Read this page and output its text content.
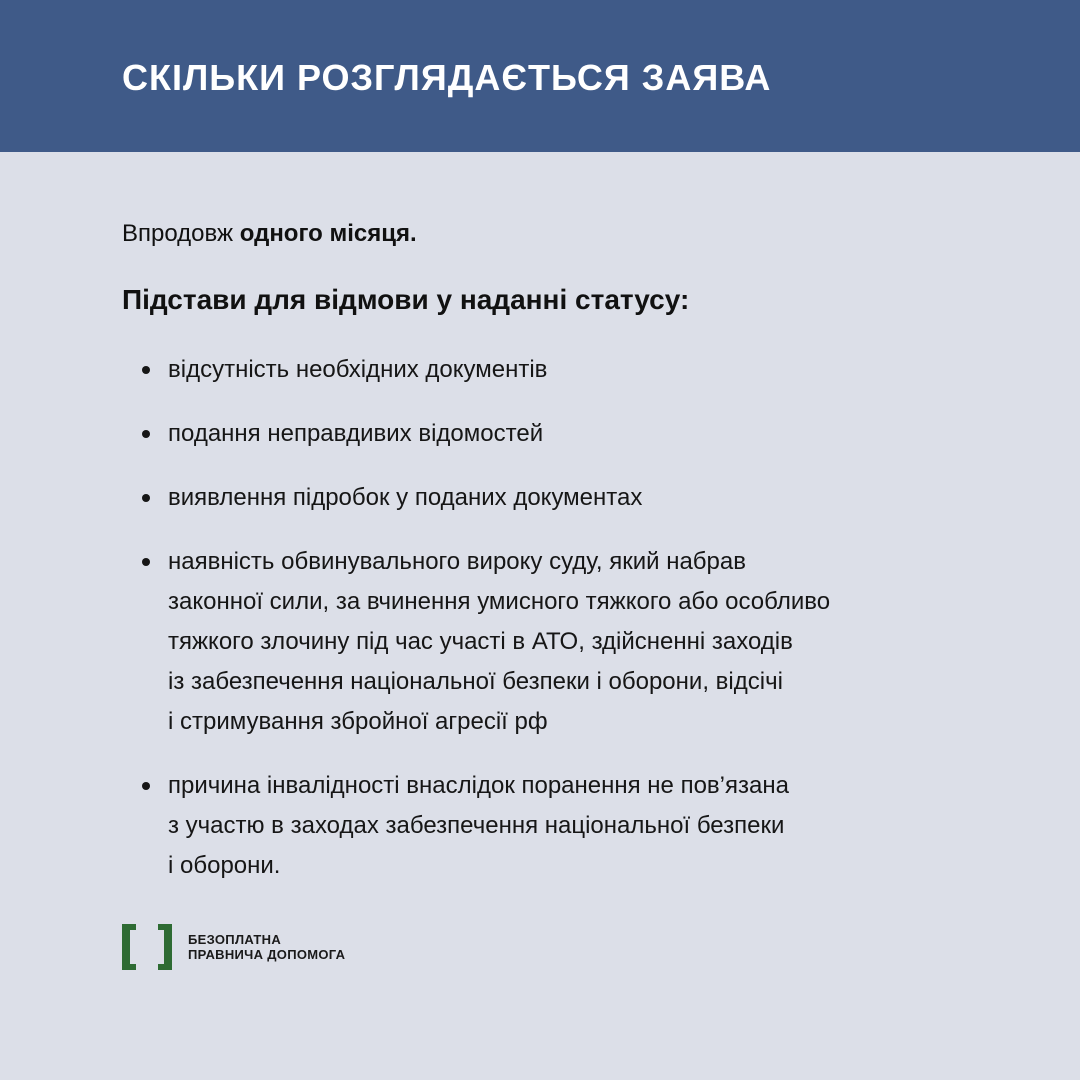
СКІЛЬКИ РОЗГЛЯДАЄТЬСЯ ЗАЯВА

Впродовж одного місяця.

Підстави для відмови у наданні статусу:
відсутність необхідних документів
подання неправдивих відомостей
виявлення підробок у поданих документах
наявність обвинувального вироку суду, який набрав
законної сили, за вчинення умисного тяжкого або особливо
тяжкого злочину під час участі в АТО, здійсненні заходів
із забезпечення національної безпеки і оборони, відсічі
і стримування збройної агресії рф
причина інвалідності внаслідок поранення не пов’язана
з участю в заходах забезпечення національної безпеки
і оборони.
БЕЗОПЛАТНА
ПРАВНИЧА ДОПОМОГА
